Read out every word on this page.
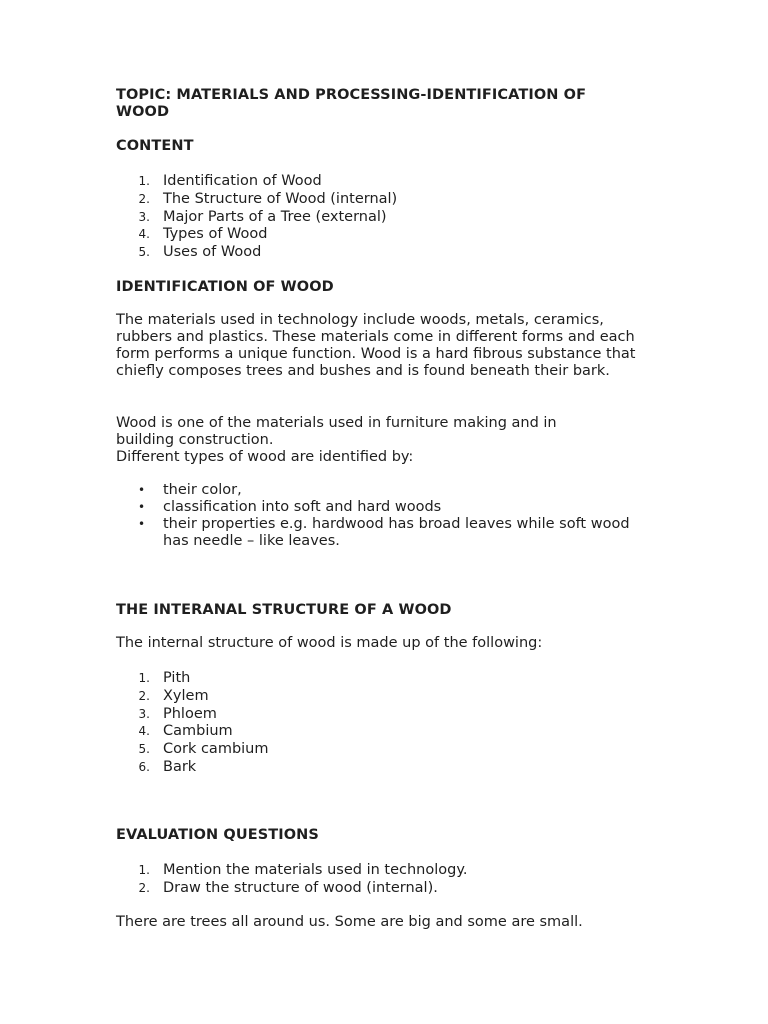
TOPIC: MATERIALS AND PROCESSING-IDENTIFICATION OF WOOD

CONTENT

1. Identification of Wood
2. The Structure of Wood (internal)
3. Major Parts of a Tree (external)
4. Types of Wood
5. Uses of Wood

IDENTIFICATION OF WOOD

The materials used in technology include woods, metals, ceramics, rubbers and plastics. These materials come in different forms and each form performs a unique function. Wood is a hard fibrous substance that chiefly composes trees and bushes and is found beneath their bark.

Wood is one of the materials used in furniture making and in building construction.

Different types of wood are identified by:

• their color,
• classification into soft and hard woods
• their properties e.g. hardwood has broad leaves while soft wood has needle – like leaves.

THE INTERANAL STRUCTURE OF A WOOD

The internal structure of wood is made up of the following:

1. Pith
2. Xylem
3. Phloem
4. Cambium
5. Cork cambium
6. Bark

EVALUATION QUESTIONS

1. Mention the materials used in technology.
2. Draw the structure of wood (internal).

There are trees all around us. Some are big and some are small.
